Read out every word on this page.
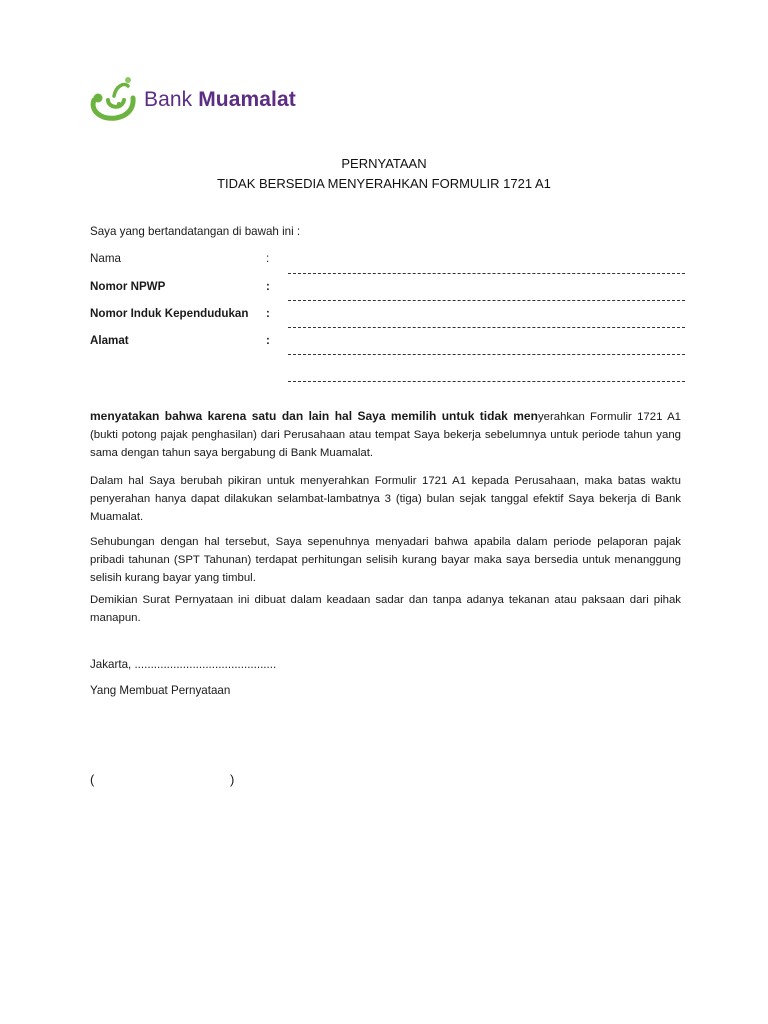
Bank Muamalat
PERNYATAAN
TIDAK BERSEDIA MENYERAHKAN FORMULIR 1721 A1
Saya yang bertandatangan di bawah ini :
Nama	:
Nomor NPWP	:
Nomor Induk Kependudukan :
Alamat	:
menyatakan bahwa karena satu dan lain hal Saya memilih untuk tidak menyerahkan Formulir 1721 A1 (bukti potong pajak penghasilan) dari Perusahaan atau tempat Saya bekerja sebelumnya untuk periode tahun yang sama dengan tahun saya bergabung di Bank Muamalat.
Dalam hal Saya berubah pikiran untuk menyerahkan Formulir 1721 A1 kepada Perusahaan, maka batas waktu penyerahan hanya dapat dilakukan selambat-lambatnya 3 (tiga) bulan sejak tanggal efektif Saya bekerja di Bank Muamalat.
Sehubungan dengan hal tersebut, Saya sepenuhnya menyadari bahwa apabila dalam periode pelaporan pajak pribadi tahunan (SPT Tahunan) terdapat perhitungan selisih kurang bayar maka saya bersedia untuk menanggung selisih kurang bayar yang timbul.
Demikian Surat Pernyataan ini dibuat dalam keadaan sadar dan tanpa adanya tekanan atau paksaan dari pihak manapun.
Jakarta, ............................................
Yang Membuat Pernyataan
(	)
